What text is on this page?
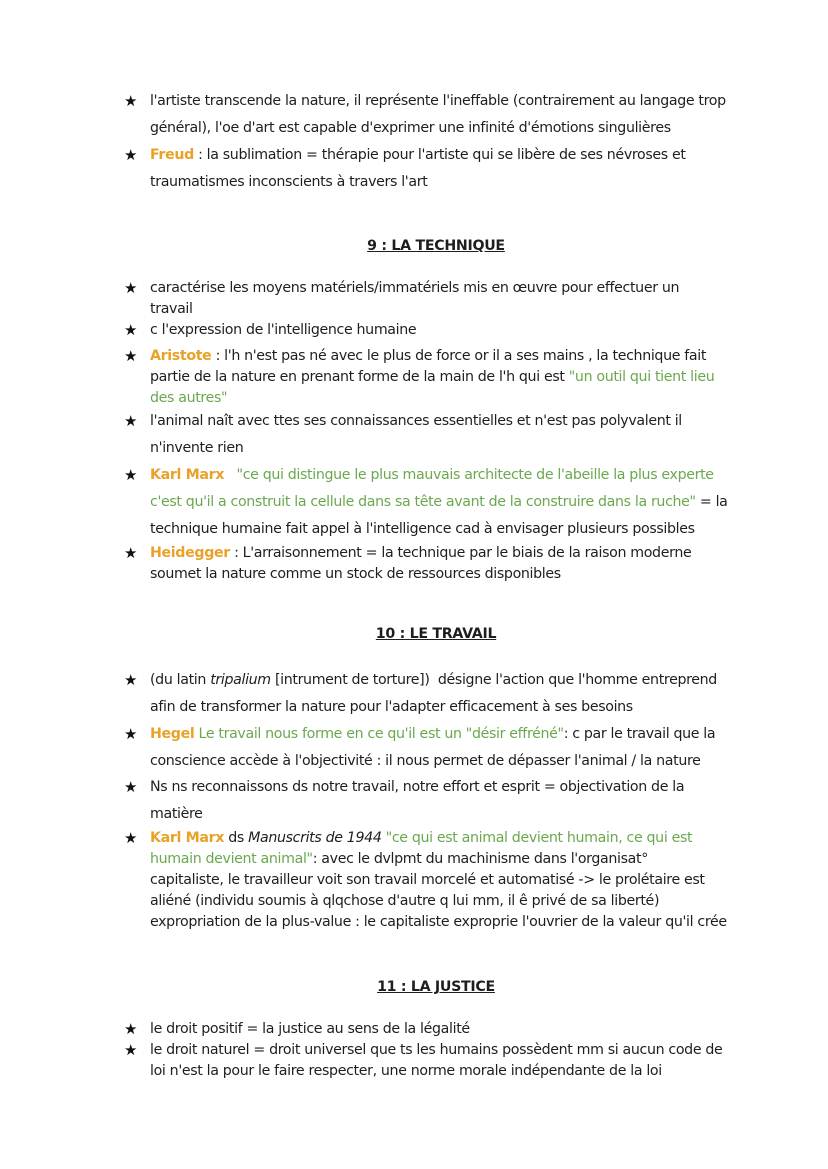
★ l'artiste transcende la nature, il représente l'ineffable (contrairement au langage trop
général), l'oe d'art est capable d'exprimer une infinité d'émotions singulières
★ Freud : la sublimation = thérapie pour l'artiste qui se libère de ses névroses et
traumatismes inconscients à travers l'art
9 : LA TECHNIQUE
★ caractérise les moyens matériels/immatériels mis en œuvre pour effectuer un
travail
★ c l'expression de l'intelligence humaine
★ Aristote : l'h n'est pas né avec le plus de force or il a ses mains , la technique fait
partie de la nature en prenant forme de la main de l'h qui est "un outil qui tient lieu
des autres"
★ l'animal naît avec ttes ses connaissances essentielles et n'est pas polyvalent il
n'invente rien
★ Karl Marx   "ce qui distingue le plus mauvais architecte de l'abeille la plus experte
c'est qu'il a construit la cellule dans sa tête avant de la construire dans la ruche" = la
technique humaine fait appel à l'intelligence cad à envisager plusieurs possibles
★ Heidegger : L'arraisonnement = la technique par le biais de la raison moderne
soumet la nature comme un stock de ressources disponibles
10 : LE TRAVAIL
★ (du latin tripalium [intrument de torture])  désigne l'action que l'homme entreprend
afin de transformer la nature pour l'adapter efficacement à ses besoins
★ Hegel Le travail nous forme en ce qu'il est un "désir effréné": c par le travail que la
conscience accède à l'objectivité : il nous permet de dépasser l'animal / la nature
★ Ns ns reconnaissons ds notre travail, notre effort et esprit = objectivation de la
matière
★ Karl Marx ds Manuscrits de 1944 "ce qui est animal devient humain, ce qui est
humain devient animal": avec le dvlpmt du machinisme dans l'organisat°
capitaliste, le travailleur voit son travail morcelé et automatisé -> le prolétaire est
aliéné (individu soumis à qlqchose d'autre q lui mm, il ê privé de sa liberté)
expropriation de la plus-value : le capitaliste exproprie l'ouvrier de la valeur qu'il crée
11 : LA JUSTICE
★ le droit positif = la justice au sens de la légalité
★ le droit naturel = droit universel que ts les humains possèdent mm si aucun code de
loi n'est la pour le faire respecter, une norme morale indépendante de la loi
